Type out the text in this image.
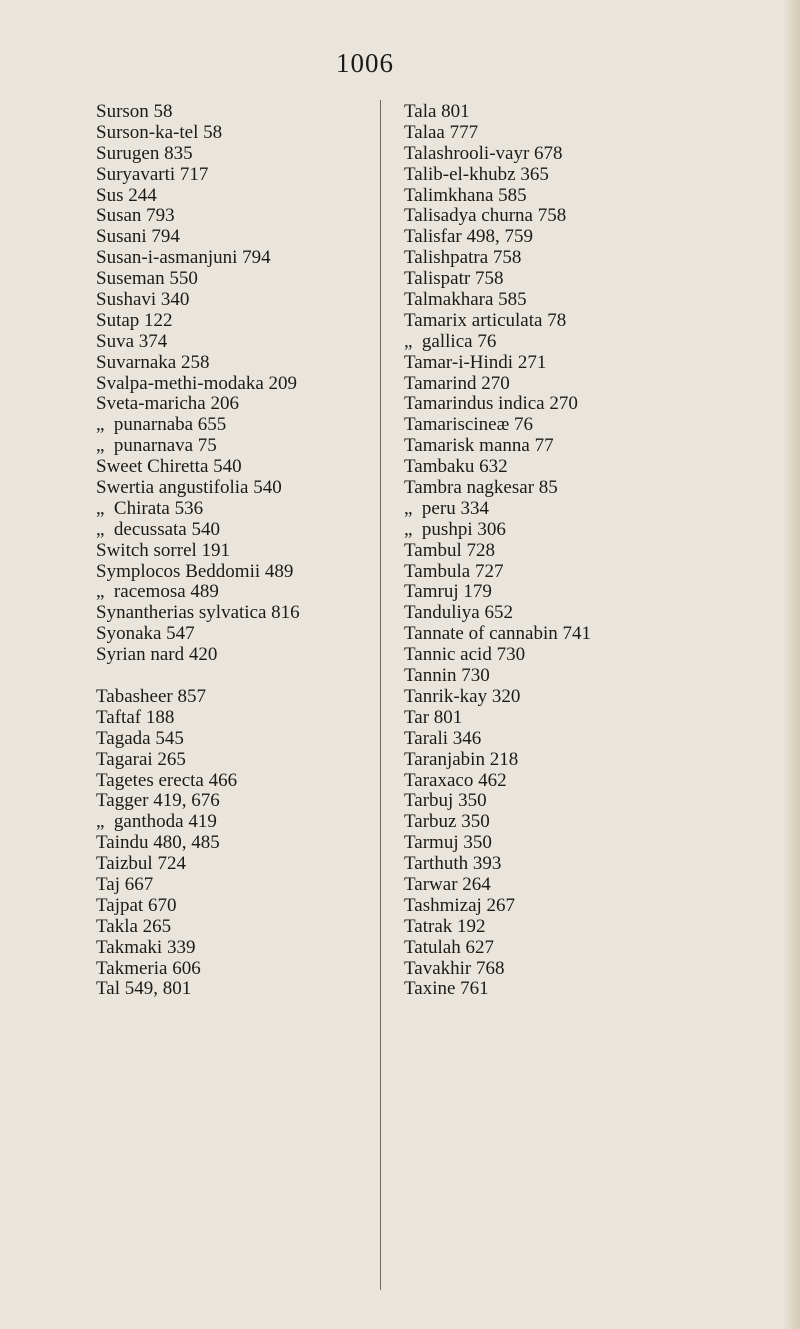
1006
Surson 58
Surson-ka-tel 58
Surugen 835
Suryavarti 717
Sus 244
Susan 793
Susani 794
Susan-i-asmanjuni 794
Suseman 550
Sushavi 340
Sutap 122
Suva 374
Suvarnaka 258
Svalpa-methi-modaka 209
Sveta-maricha 206
„  punarnaba 655
„  punarnava 75
Sweet Chiretta 540
Swertia angustifolia 540
„  Chirata 536
„  decussata 540
Switch sorrel 191
Symplocos Beddomii 489
„  racemosa 489
Synantherias sylvatica 816
Syonaka 547
Syrian nard 420
Tabasheer 857
Taftaf 188
Tagada 545
Tagarai 265
Tagetes erecta 466
Tagger 419, 676
„  ganthoda 419
Taindu 480, 485
Taizbul 724
Taj 667
Tajpat 670
Takla 265
Takmaki 339
Takmeria 606
Tal 549, 801
Tala 801
Talaa 777
Talashrooli-vayr 678
Talib-el-khubz 365
Talimkhana 585
Talisadya churna 758
Talisfar 498, 759
Talishpatra 758
Talispatr 758
Talmakhara 585
Tamarix articulata 78
„  gallica 76
Tamar-i-Hindi 271
Tamarind 270
Tamarindus indica 270
Tamariscineæ 76
Tamarisk manna 77
Tambaku 632
Tambra nagkesar 85
„  peru 334
„  pushpi 306
Tambul 728
Tambula 727
Tamruj 179
Tanduliya 652
Tannate of cannabin 741
Tannic acid 730
Tannin 730
Tanrik-kay 320
Tar 801
Tarali 346
Taranjabin 218
Taraxaco 462
Tarbuj 350
Tarbuz 350
Tarmuj 350
Tarthuth 393
Tarwar 264
Tashmizaj 267
Tatrak 192
Tatulah 627
Tavakhir 768
Taxine 761
